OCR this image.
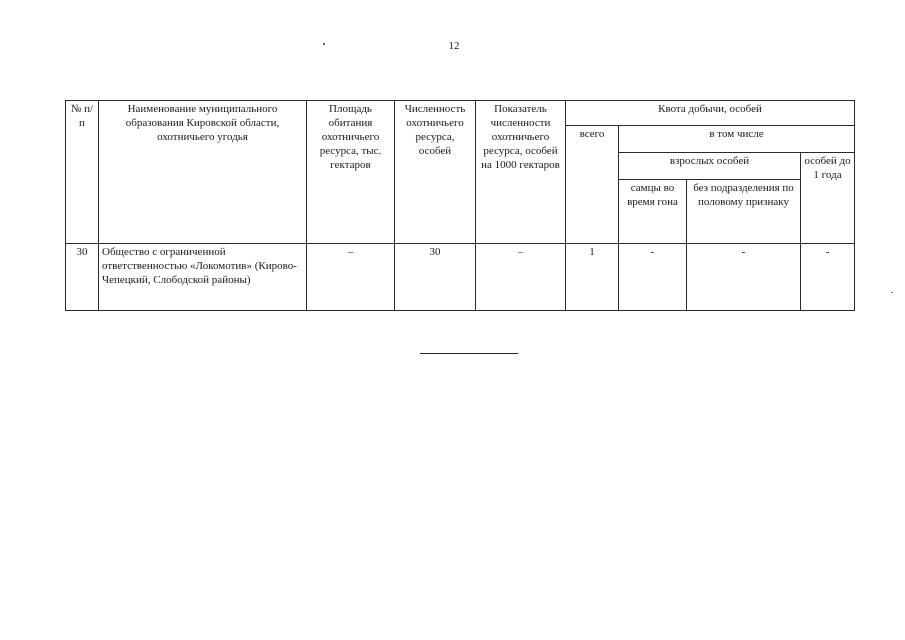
12
№ п/п	Наименование муниципального образования Кировской области, охотничьего угодья	Площадь обитания охотничьего ресурса, тыс. гектаров	Численность охотничьего ресурса, особей	Показатель численности охотничьего ресурса, особей на 1000 гектаров	Квота добычи, особей			
					всего	в том числе		
						взрослых особей		особей до 1 года
						самцы во время гона	без подразделения по половому признаку	
30	Общество с ограниченной ответственностью «Локомотив» (Кирово-Чепецкий, Слободской районы)	–	30	–	1	-	-	-
